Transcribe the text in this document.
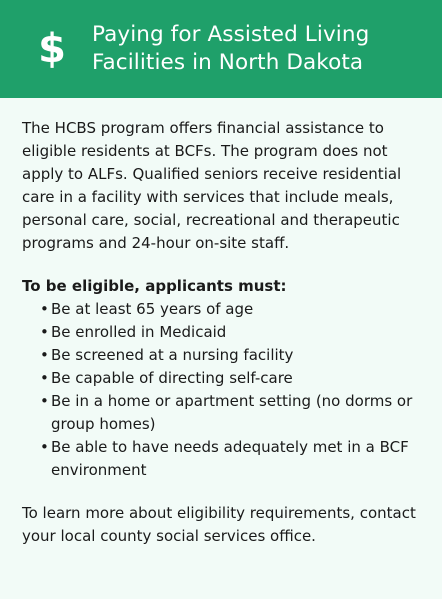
$	Paying for Assisted Living
Facilities in North Dakota

The HCBS program offers financial assistance to eligible residents at BCFs. The program does not apply to ALFs. Qualified seniors receive residential care in a facility with services that include meals, personal care, social, recreational and therapeutic programs and 24-hour on-site staff.

To be eligible, applicants must:

• Be at least 65 years of age
• Be enrolled in Medicaid
• Be screened at a nursing facility
• Be capable of directing self-care
• Be in a home or apartment setting (no dorms or group homes)
• Be able to have needs adequately met in a BCF environment

To learn more about eligibility requirements, contact your local county social services office.
